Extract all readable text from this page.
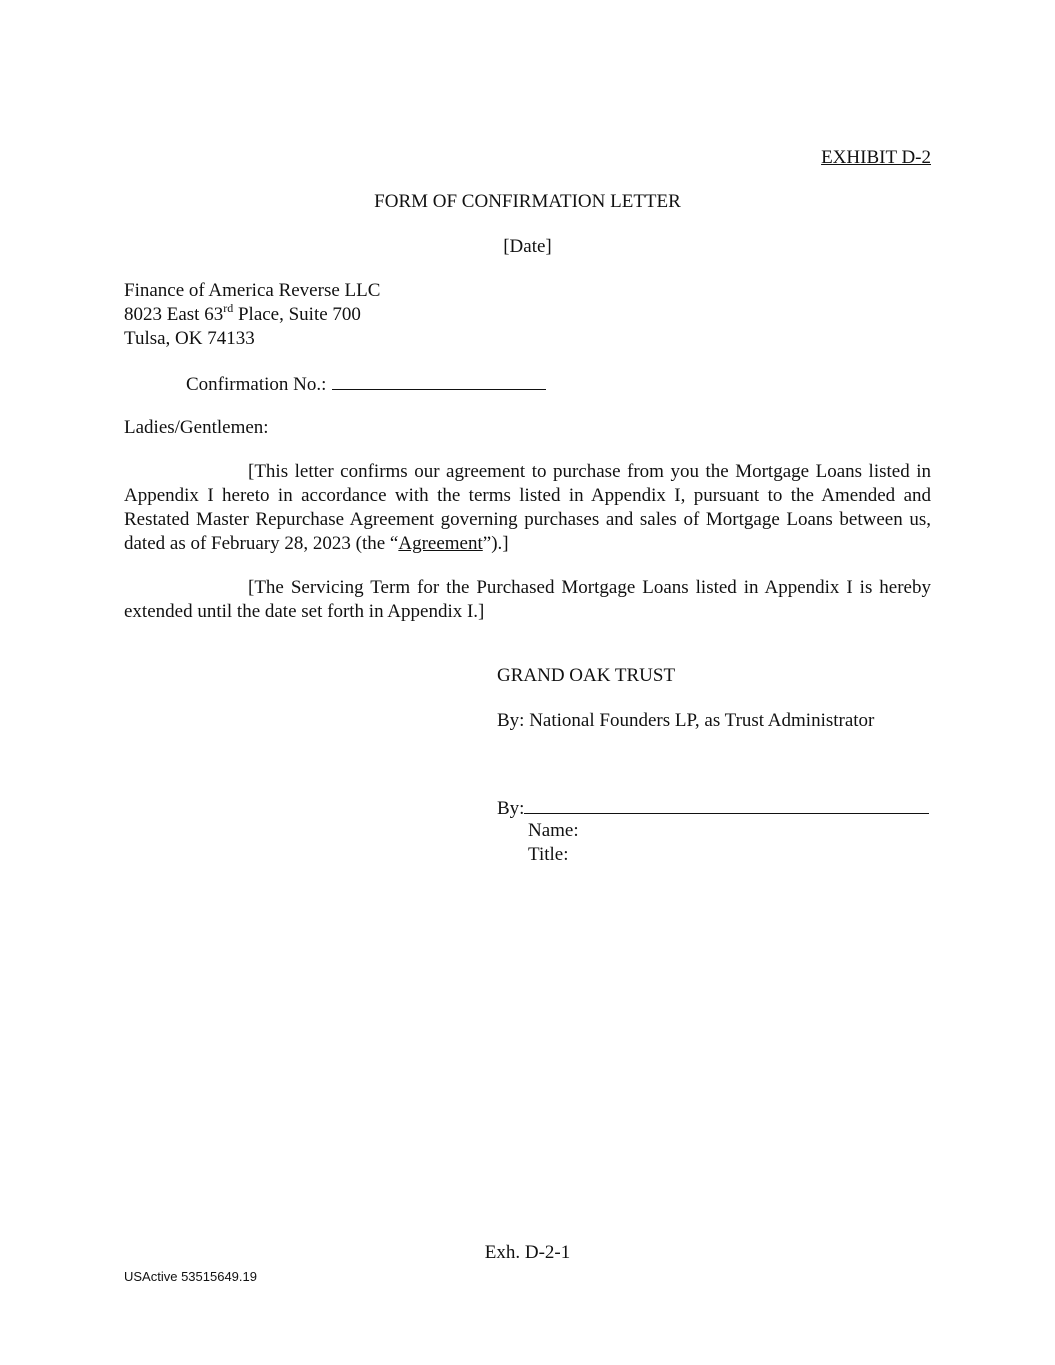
EXHIBIT D-2
FORM OF CONFIRMATION LETTER
[Date]
Finance of America Reverse LLC
8023 East 63rd Place, Suite 700
Tulsa, OK 74133
Confirmation No.:
Ladies/Gentlemen:
[This letter confirms our agreement to purchase from you the Mortgage Loans listed in Appendix I hereto in accordance with the terms listed in Appendix I, pursuant to the Amended and Restated Master Repurchase Agreement governing purchases and sales of Mortgage Loans between us, dated as of February 28, 2023 (the “Agreement”).]
[The Servicing Term for the Purchased Mortgage Loans listed in Appendix I is hereby extended until the date set forth in Appendix I.]
GRAND OAK TRUST
By: National Founders LP, as Trust Administrator
By:
Name:
Title:
Exh. D-2-1
USActive 53515649.19
